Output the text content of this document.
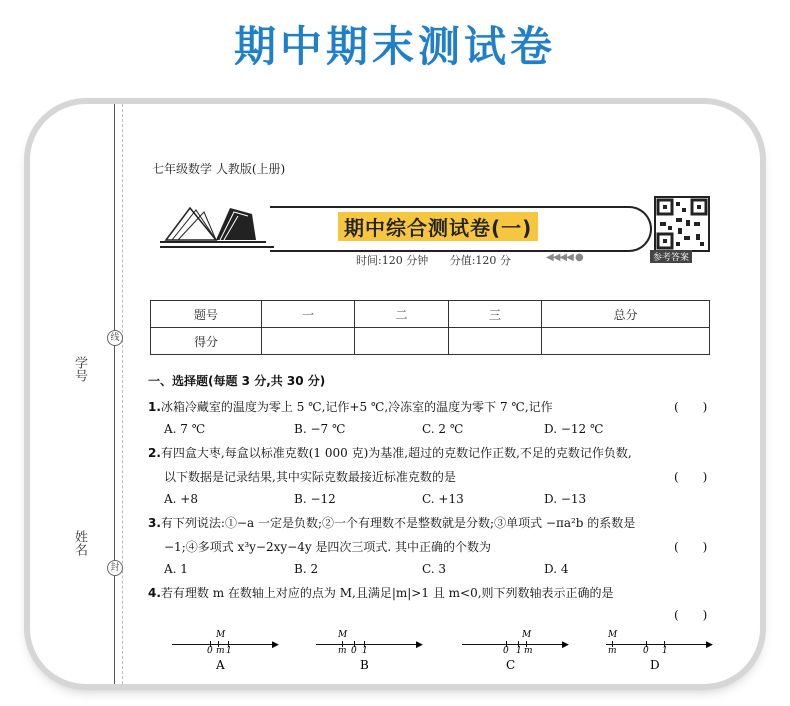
期中期末测试卷
学号
姓名
线
封
七年级数学 人教版(上册)
期中综合测试卷(一)
时间:120 分钟 分值:120 分	◀◀◀◀ ●	参考答案
题号	一	二	三	总分
得分				
一、选择题(每题 3 分,共 30 分)
1.冰箱冷藏室的温度为零上 5 ℃,记作+5 ℃,冷冻室的温度为零下 7 ℃,记作	(　　)
A. 7 ℃	B. −7 ℃	C. 2 ℃	D. −12 ℃
2.有四盒大枣,每盒以标准克数(1 000 克)为基准,超过的克数记作正数,不足的克数记作负数,
以下数据是记录结果,其中实际克数最接近标准克数的是	(　　)
A. +8	B. −12	C. +13	D. −13
3.有下列说法:①−a 一定是负数;②一个有理数不是整数就是分数;③单项式 −πa²b 的系数是
−1;④多项式 x³y−2xy−4y 是四次三项式. 其中正确的个数为	(　　)
A. 1	B. 2	C. 3	D. 4
4.若有理数 m 在数轴上对应的点为 M,且满足|m|>1 且 m<0,则下列数轴表示正确的是
(　　)
▶
M
0 m 1
A
▶
M
m 0 1
B
▶
M
0 1 m
C
▶
M
m	0 1
D
